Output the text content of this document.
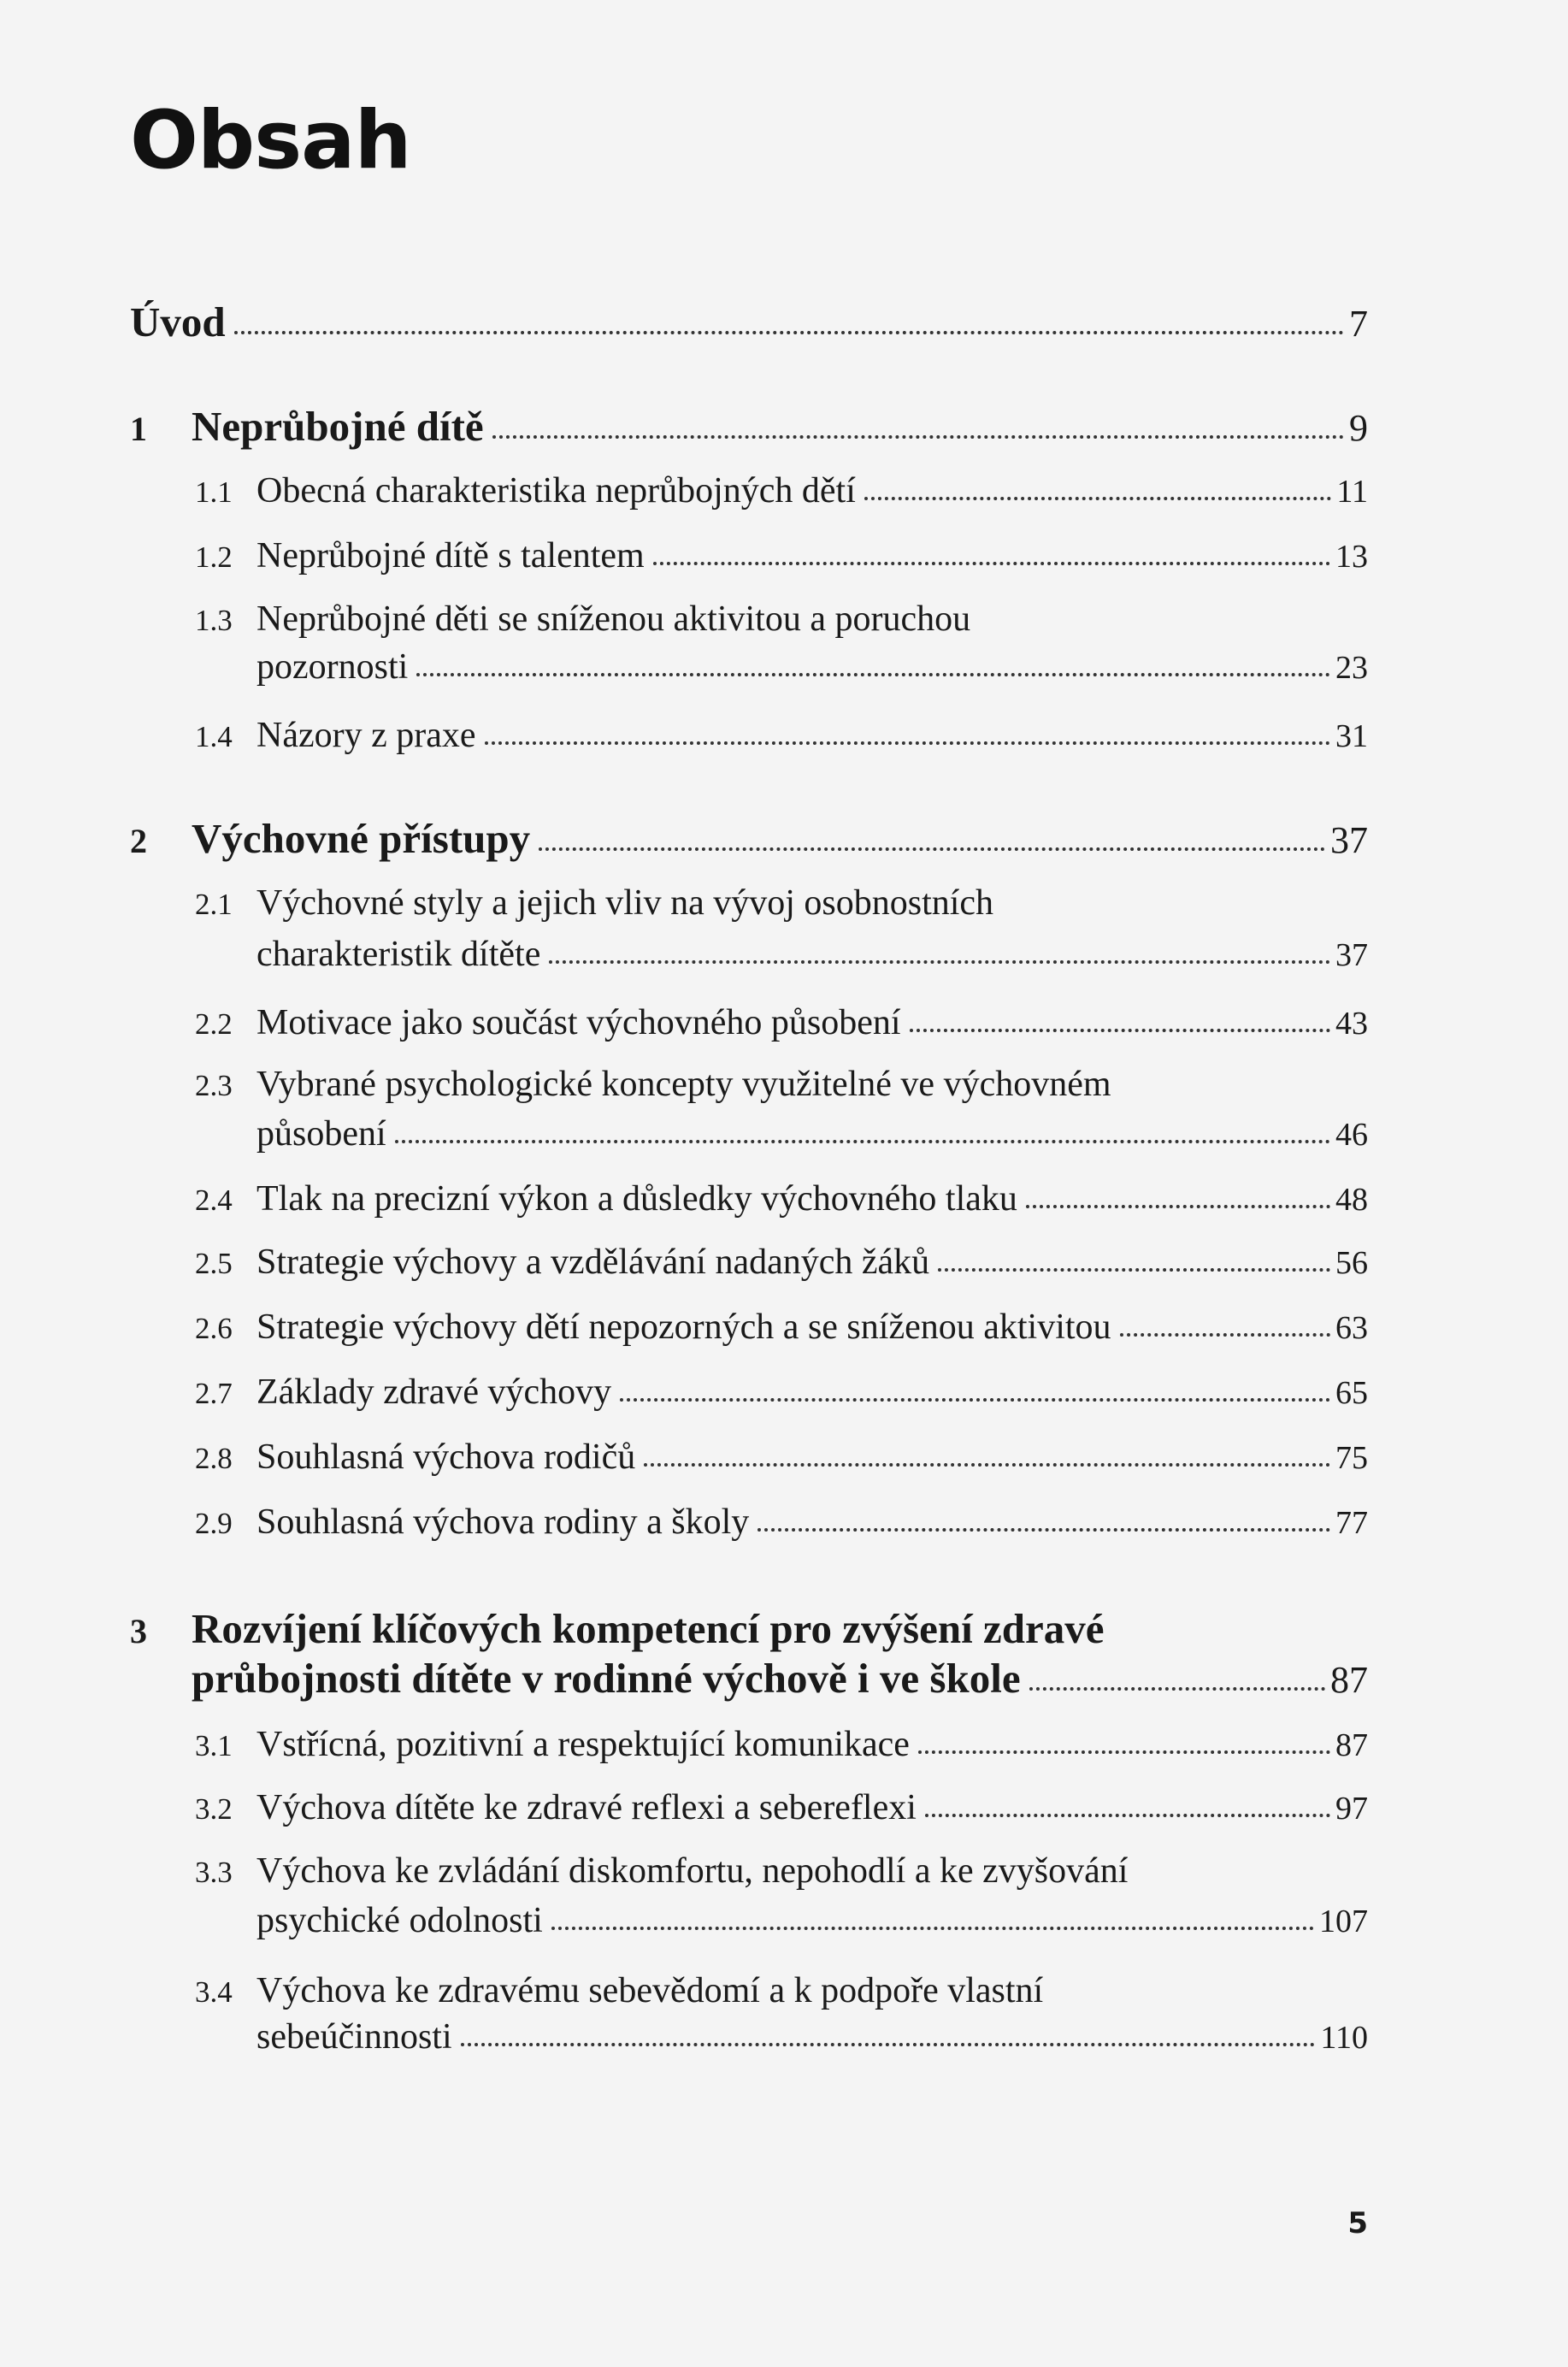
Obsah
Úvod	7
1	Neprůbojné dítě	9
1.1 Obecná charakteristika neprůbojných dětí	11
1.2 Neprůbojné dítě s talentem	13
1.3 Neprůbojné děti se sníženou aktivitou a poruchou
pozornosti	23
1.4 Názory z praxe	31
2	Výchovné přístupy	37
2.1 Výchovné styly a jejich vliv na vývoj osobnostních
charakteristik dítěte	37
2.2 Motivace jako součást výchovného působení	43
2.3 Vybrané psychologické koncepty využitelné ve výchovném
působení	46
2.4 Tlak na precizní výkon a důsledky výchovného tlaku	48
2.5 Strategie výchovy a vzdělávání nadaných žáků	56
2.6 Strategie výchovy dětí nepozorných a se sníženou aktivitou	63
2.7 Základy zdravé výchovy	65
2.8 Souhlasná výchova rodičů	75
2.9 Souhlasná výchova rodiny a školy	77
3 Rozvíjení klíčových kompetencí pro zvýšení zdravé
průbojnosti dítěte v rodinné výchově i ve škole	87
3.1 Vstřícná, pozitivní a respektující komunikace	87
3.2 Výchova dítěte ke zdravé reflexi a sebereflexi	97
3.3 Výchova ke zvládání diskomfortu, nepohodlí a ke zvyšování
psychické odolnosti	107
3.4 Výchova ke zdravému sebevědomí a k podpoře vlastní
sebeúčinnosti	110
5
